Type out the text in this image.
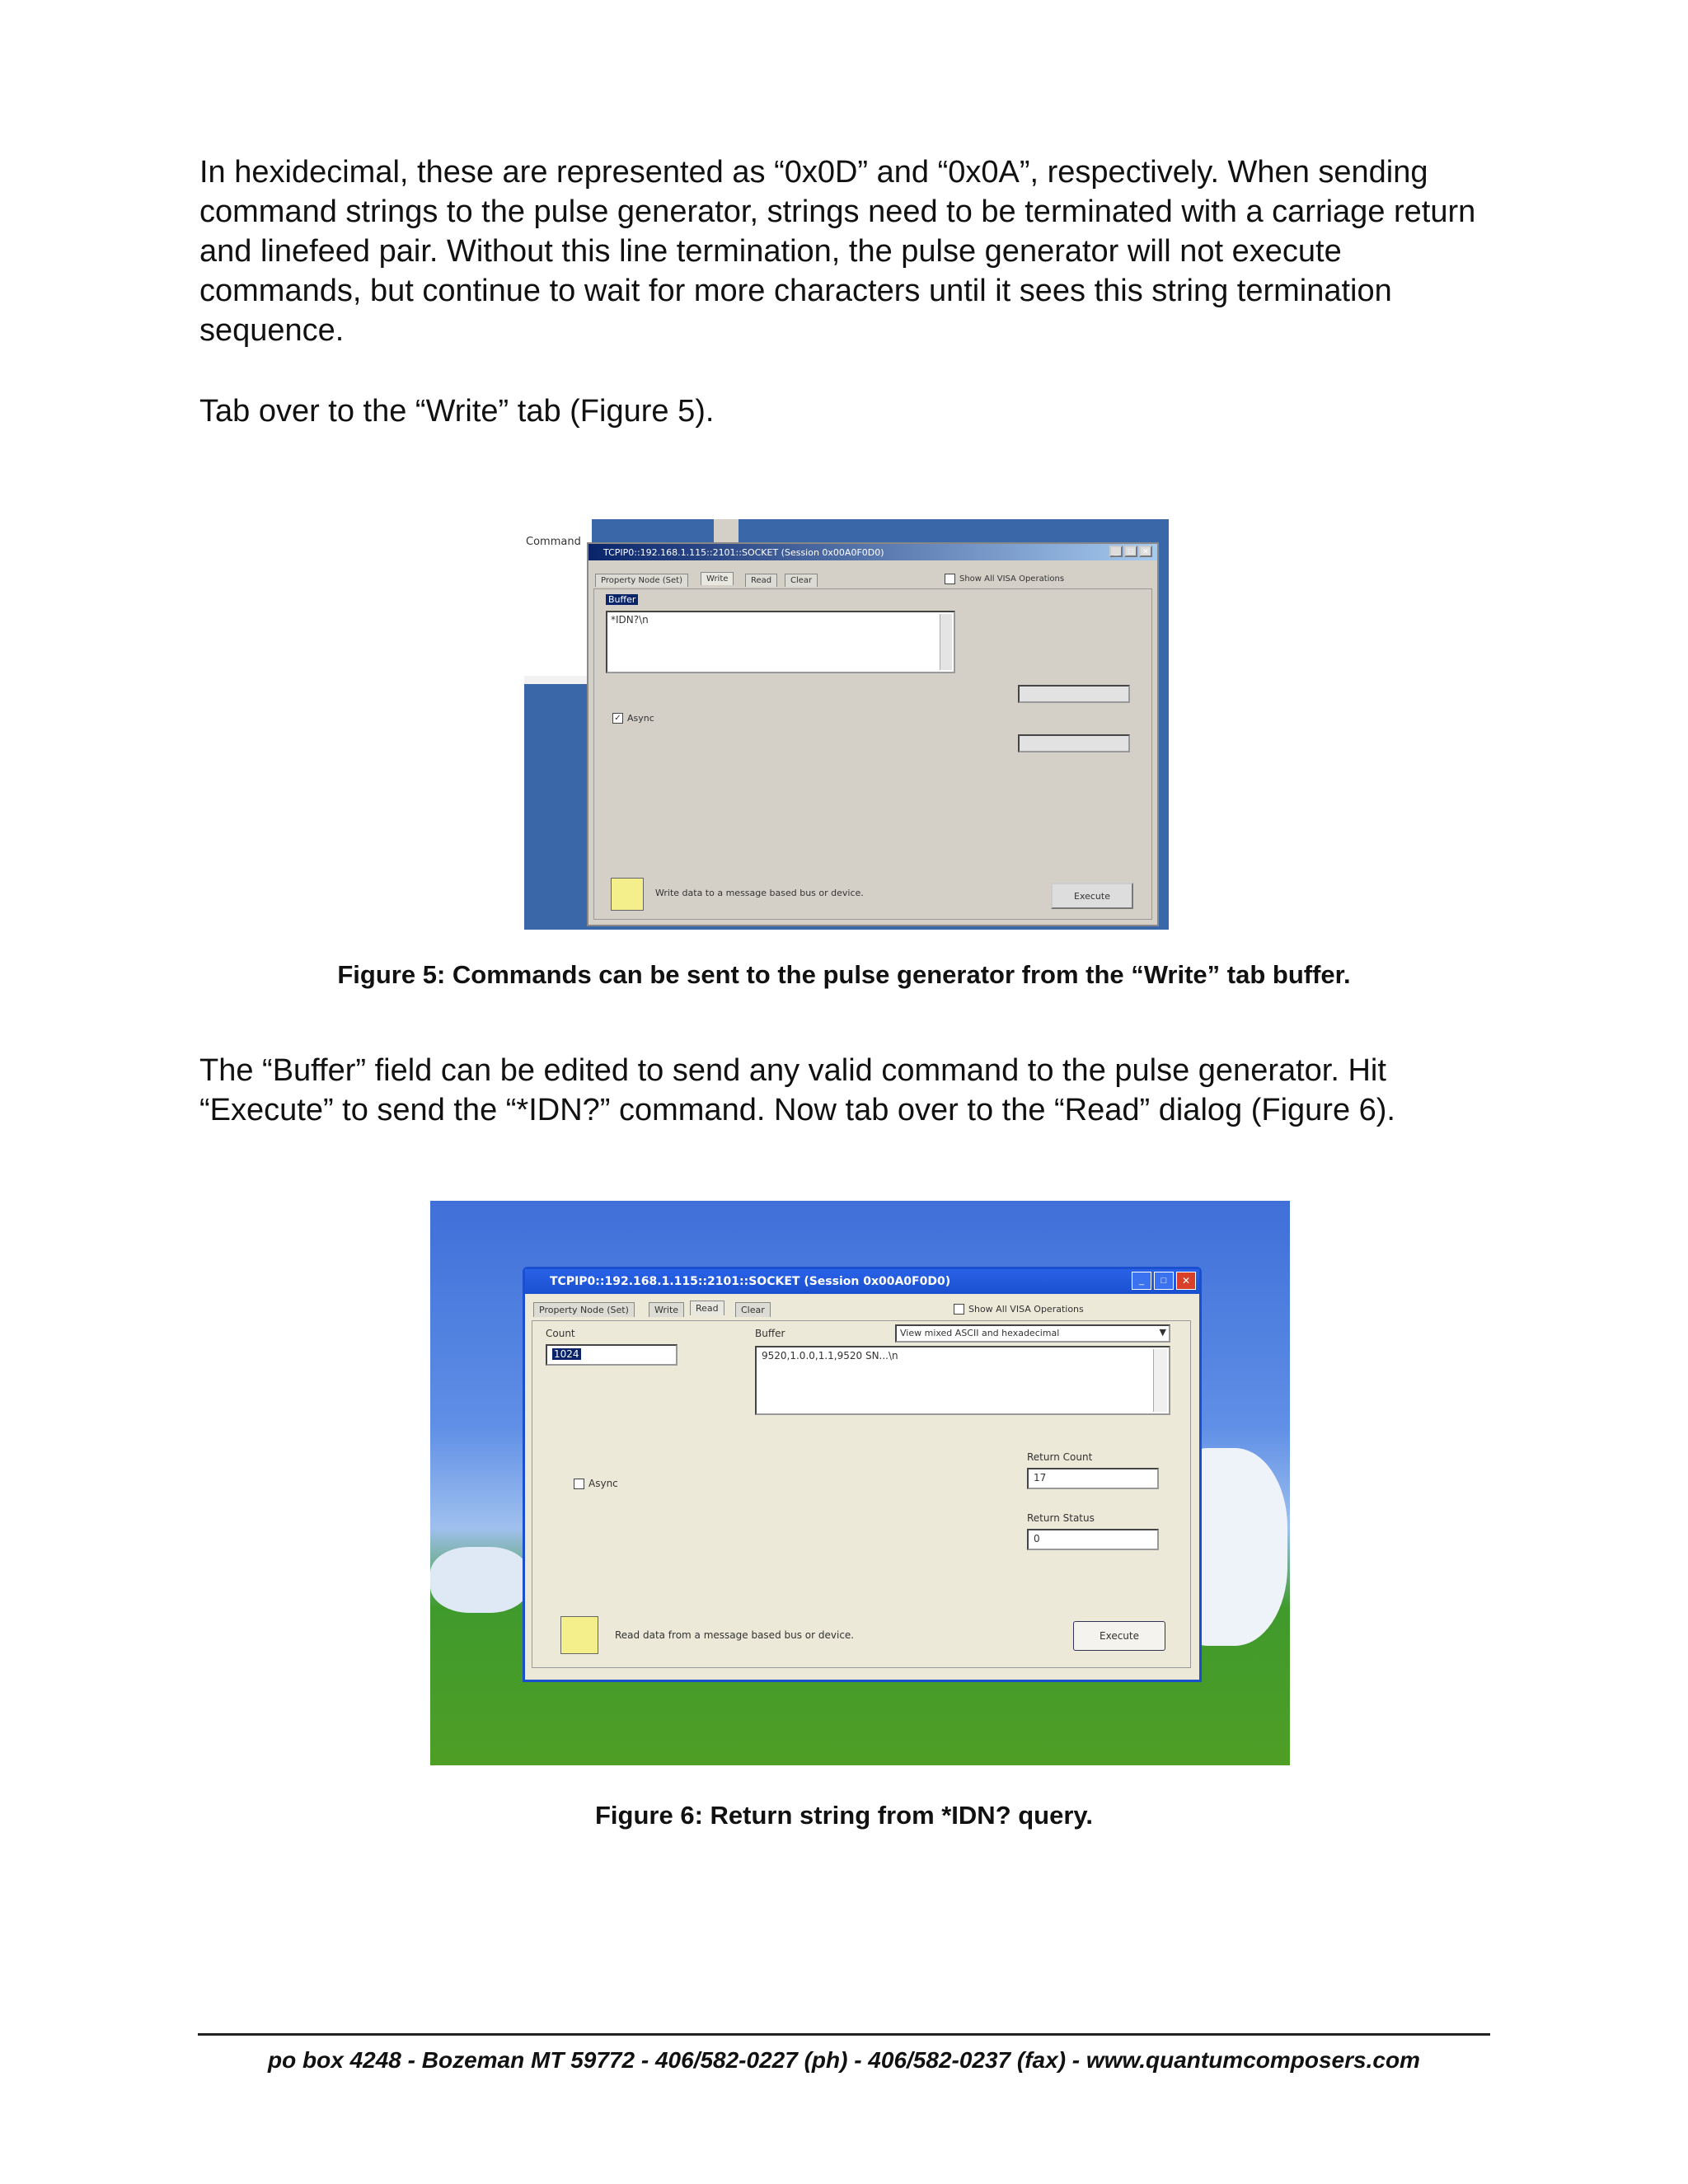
In hexidecimal, these are represented as “0x0D” and “0x0A”, respectively. When sending command strings to the pulse generator, strings need to be terminated with a carriage return and linefeed pair. Without this line termination, the pulse generator will not execute commands, but continue to wait for more characters until it sees this string termination sequence.

Tab over to the “Write” tab (Figure 5).

Command
TCPIP0::192.168.1.115::2101::SOCKET (Session 0x00A0F0D0)	_	□	✕
Property Node (Set)	Write	Read	Clear	Show All VISA Operations
Buffer
*IDN?\n
✓ Async
Write data to a message based bus or device.	Execute

Figure 5: Commands can be sent to the pulse generator from the “Write” tab buffer.

The “Buffer” field can be edited to send any valid command to the pulse generator. Hit “Execute” to send the “*IDN?” command. Now tab over to the “Read” dialog (Figure 6).

TCPIP0::192.168.1.115::2101::SOCKET (Session 0x00A0F0D0)	_	□	✕
Property Node (Set)	Write	Read	Clear	Show All VISA Operations
Count
1024
Buffer	View mixed ASCII and hexadecimal	▼
9520,1.0.0,1.1,9520 SN...\n
Async
Return Count
17
Return Status
0
Read data from a message based bus or device.	Execute

Figure 6: Return string from *IDN? query.

po box 4248 - Bozeman MT 59772 - 406/582-0227 (ph) - 406/582-0237 (fax) - www.quantumcomposers.com
